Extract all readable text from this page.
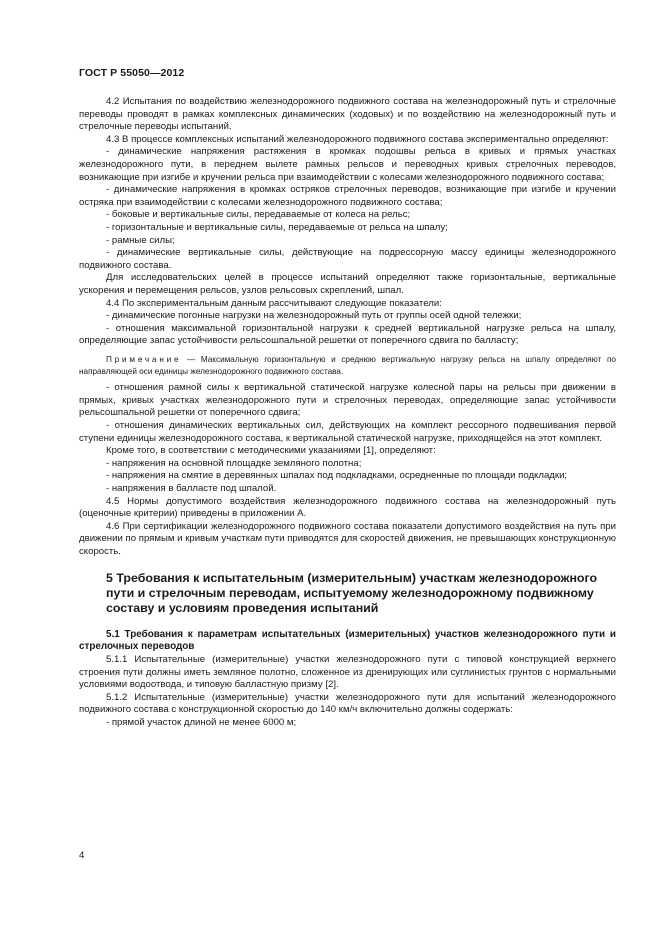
ГОСТ Р 55050—2012

4.2 Испытания по воздействию железнодорожного подвижного состава на железнодорожный путь и стрелочные переводы проводят в рамках комплексных динамических (ходовых) и по воздействию на железнодорожный путь и стрелочные переводы испытаний.

4.3 В процессе комплексных испытаний железнодорожного подвижного состава экспериментально определяют:

- динамические напряжения растяжения в кромках подошвы рельса в кривых и прямых участках железнодорожного пути, в переднем вылете рамных рельсов и переводных кривых стрелочных переводов, возникающие при изгибе и кручении рельса при взаимодействии с колесами железнодорожного подвижного состава;

- динамические напряжения в кромках остряков стрелочных переводов, возникающие при изгибе и кручении остряка при взаимодействии с колесами железнодорожного подвижного состава;

- боковые и вертикальные силы, передаваемые от колеса на рельс;

- горизонтальные и вертикальные силы, передаваемые от рельса на шпалу;

- рамные силы;

- динамические вертикальные силы, действующие на подрессорную массу единицы железнодорожного подвижного состава.

Для исследовательских целей в процессе испытаний определяют также горизонтальные, вертикальные ускорения и перемещения рельсов, узлов рельсовых скреплений, шпал.

4.4 По экспериментальным данным рассчитывают следующие показатели:

- динамические погонные нагрузки на железнодорожный путь от группы осей одной тележки;

- отношения максимальной горизонтальной нагрузки к средней вертикальной нагрузке рельса на шпалу, определяющие запас устойчивости рельсошпальной решетки от поперечного сдвига по балласту;

Примечание — Максимальную горизонтальную и среднюю вертикальную нагрузку рельса на шпалу определяют по направляющей оси единицы железнодорожного подвижного состава.

- отношения рамной силы к вертикальной статической нагрузке колесной пары на рельсы при движении в прямых, кривых участках железнодорожного пути и стрелочных переводах, определяющие запас устойчивости рельсошпальной решетки от поперечного сдвига;

- отношения динамических вертикальных сил, действующих на комплект рессорного подвешивания первой ступени единицы железнодорожного состава, к вертикальной статической нагрузке, приходящейся на этот комплект.

Кроме того, в соответствии с методическими указаниями [1], определяют:

- напряжения на основной площадке земляного полотна;

- напряжения на смятие в деревянных шпалах под подкладками, осредненные по площади подкладки;

- напряжения в балласте под шпалой.

4.5 Нормы допустимого воздействия железнодорожного подвижного состава на железнодорожный путь (оценочные критерии) приведены в приложении А.

4.6 При сертификации железнодорожного подвижного состава показатели допустимого воздействия на путь при движении по прямым и кривым участкам пути приводятся для скоростей движения, не превышающих конструкционную скорость.

5 Требования к испытательным (измерительным) участкам железнодорожного пути и стрелочным переводам, испытуемому железнодорожному подвижному составу и условиям проведения испытаний
5.1 Требования к параметрам испытательных (измерительных) участков железнодорожного пути и стрелочных переводов

5.1.1 Испытательные (измерительные) участки железнодорожного пути с типовой конструкцией верхнего строения пути должны иметь земляное полотно, сложенное из дренирующих или суглинистых грунтов с нормальными условиями водоотвода, и типовую балластную призму [2].

5.1.2 Испытательные (измерительные) участки железнодорожного пути для испытаний железнодорожного подвижного состава с конструкционной скоростью до 140 км/ч включительно должны содержать:

- прямой участок длиной не менее 6000 м;

4
